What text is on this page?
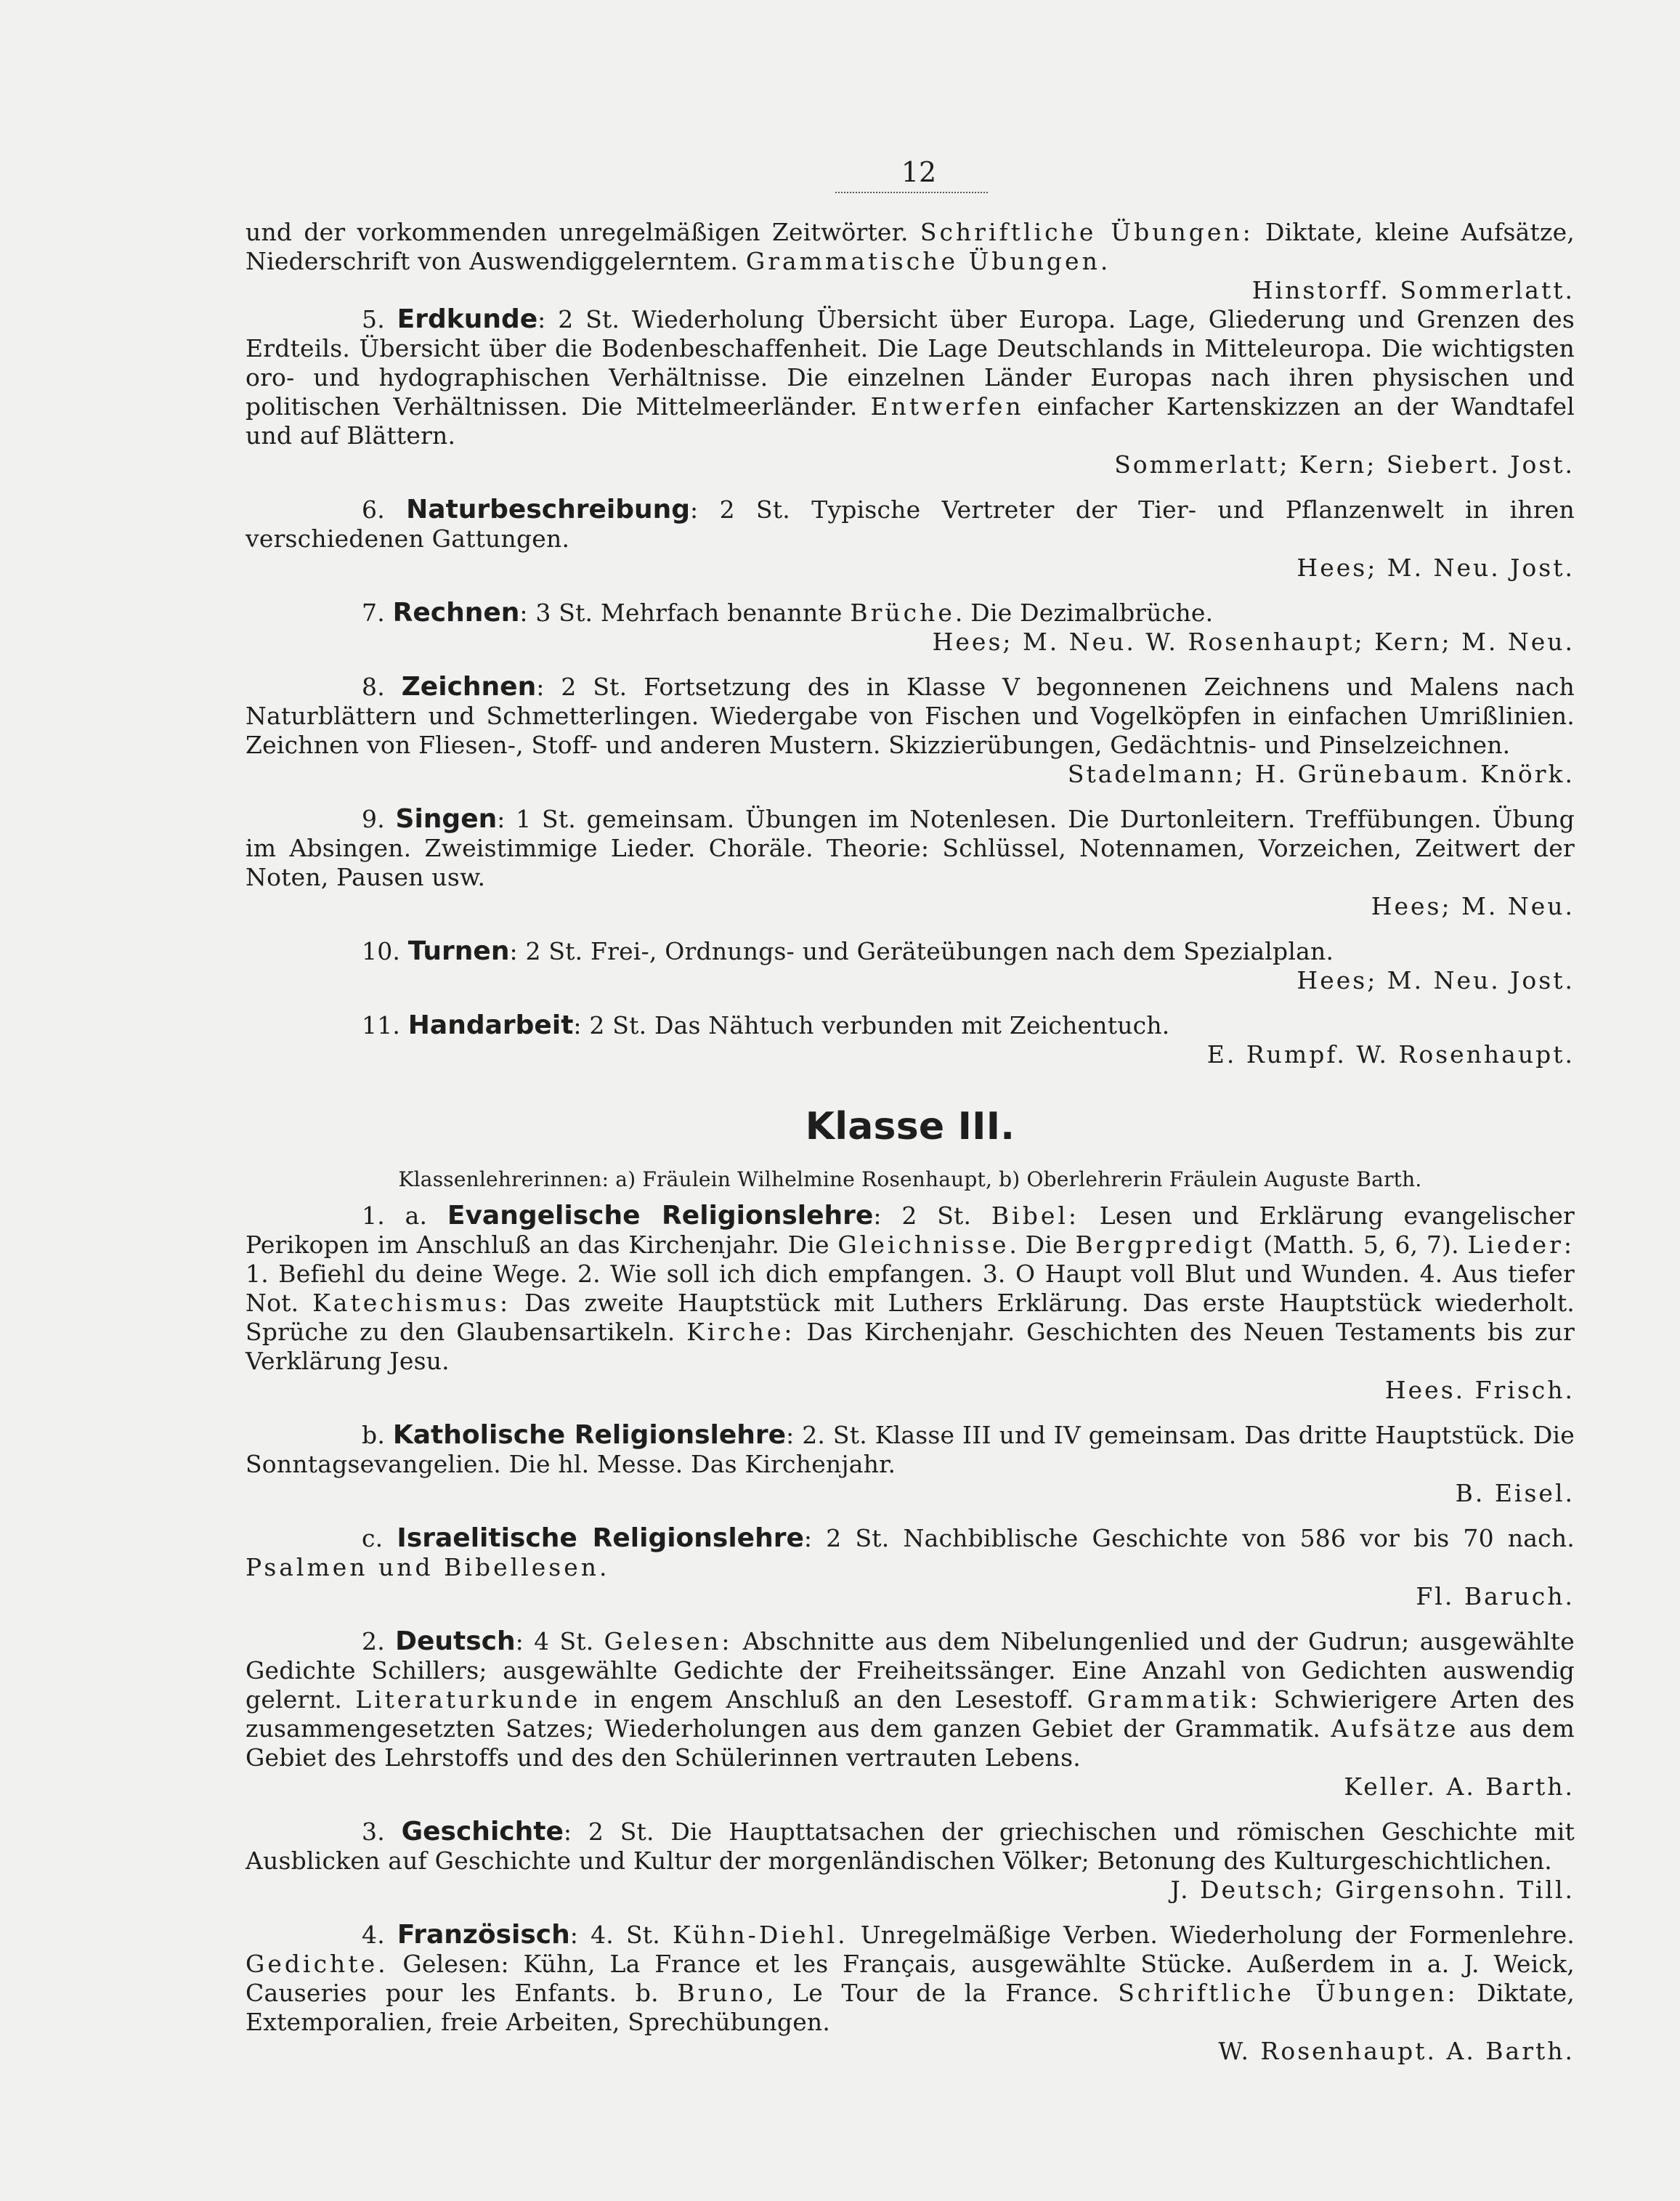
12

und der vorkommenden unregelmäßigen Zeitwörter. Schriftliche Übungen: Diktate, kleine Aufsätze, Niederschrift von Auswendiggelerntem. Grammatische Übungen.

Hinstorff. Sommerlatt.

5. Erdkunde: 2 St. Wiederholung Übersicht über Europa. Lage, Gliederung und Grenzen des Erdteils. Übersicht über die Bodenbeschaffenheit. Die Lage Deutschlands in Mitteleuropa. Die wichtigsten oro- und hydographischen Verhältnisse. Die einzelnen Länder Europas nach ihren physischen und politischen Verhältnissen. Die Mittelmeerländer. Entwerfen einfacher Kartenskizzen an der Wandtafel und auf Blättern.

Sommerlatt; Kern; Siebert. Jost.

6. Naturbeschreibung: 2 St. Typische Vertreter der Tier- und Pflanzenwelt in ihren verschiedenen Gattungen.

Hees; M. Neu. Jost.

7. Rechnen: 3 St. Mehrfach benannte Brüche. Die Dezimalbrüche.

Hees; M. Neu. W. Rosenhaupt; Kern; M. Neu.

8. Zeichnen: 2 St. Fortsetzung des in Klasse V begonnenen Zeichnens und Malens nach Naturblättern und Schmetterlingen. Wiedergabe von Fischen und Vogelköpfen in einfachen Umrißlinien. Zeichnen von Fliesen-, Stoff- und anderen Mustern. Skizzierübungen, Gedächtnis- und Pinselzeichnen.

Stadelmann; H. Grünebaum. Knörk.

9. Singen: 1 St. gemeinsam. Übungen im Notenlesen. Die Durtonleitern. Treffübungen. Übung im Absingen. Zweistimmige Lieder. Choräle. Theorie: Schlüssel, Notennamen, Vorzeichen, Zeitwert der Noten, Pausen usw.

Hees; M. Neu.

10. Turnen: 2 St. Frei-, Ordnungs- und Geräteübungen nach dem Spezialplan.

Hees; M. Neu. Jost.

11. Handarbeit: 2 St. Das Nähtuch verbunden mit Zeichentuch.

E. Rumpf. W. Rosenhaupt.

Klasse III.

Klassenlehrerinnen: a) Fräulein Wilhelmine Rosenhaupt, b) Oberlehrerin Fräulein Auguste Barth.

1. a. Evangelische Religionslehre: 2 St. Bibel: Lesen und Erklärung evangelischer Perikopen im Anschluß an das Kirchenjahr. Die Gleichnisse. Die Bergpredigt (Matth. 5, 6, 7). Lieder: 1. Befiehl du deine Wege. 2. Wie soll ich dich empfangen. 3. O Haupt voll Blut und Wunden. 4. Aus tiefer Not. Katechismus: Das zweite Hauptstück mit Luthers Erklärung. Das erste Hauptstück wiederholt. Sprüche zu den Glaubensartikeln. Kirche: Das Kirchenjahr. Geschichten des Neuen Testaments bis zur Verklärung Jesu.

Hees. Frisch.

b. Katholische Religionslehre: 2. St. Klasse III und IV gemeinsam. Das dritte Hauptstück. Die Sonntagsevangelien. Die hl. Messe. Das Kirchenjahr.

B. Eisel.

c. Israelitische Religionslehre: 2 St. Nachbiblische Geschichte von 586 vor bis 70 nach. Psalmen und Bibellesen.

Fl. Baruch.

2. Deutsch: 4 St. Gelesen: Abschnitte aus dem Nibelungenlied und der Gudrun; ausgewählte Gedichte Schillers; ausgewählte Gedichte der Freiheitssänger. Eine Anzahl von Gedichten auswendig gelernt. Literaturkunde in engem Anschluß an den Lesestoff. Grammatik: Schwierigere Arten des zusammengesetzten Satzes; Wiederholungen aus dem ganzen Gebiet der Grammatik. Aufsätze aus dem Gebiet des Lehrstoffs und des den Schülerinnen vertrauten Lebens.

Keller. A. Barth.

3. Geschichte: 2 St. Die Haupttatsachen der griechischen und römischen Geschichte mit Ausblicken auf Geschichte und Kultur der morgenländischen Völker; Betonung des Kulturgeschichtlichen.

J. Deutsch; Girgensohn. Till.

4. Französisch: 4. St. Kühn-Diehl. Unregelmäßige Verben. Wiederholung der Formenlehre. Gedichte. Gelesen: Kühn, La France et les Français, ausgewählte Stücke. Außerdem in a. J. Weick, Causeries pour les Enfants. b. Bruno, Le Tour de la France. Schriftliche Übungen: Diktate, Extemporalien, freie Arbeiten, Sprechübungen.

W. Rosenhaupt. A. Barth.
